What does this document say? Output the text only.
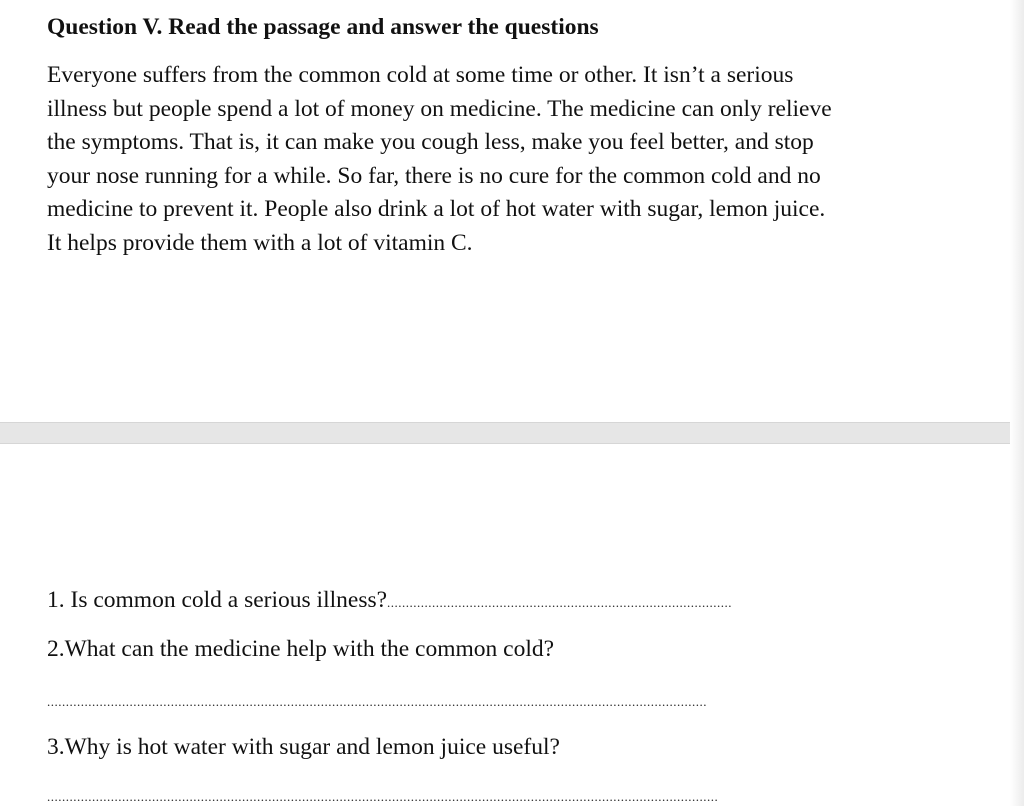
Question V. Read the passage and answer the questions

Everyone suffers from the common cold at some time or other. It isn’t a serious
illness but people spend a lot of money on medicine. The medicine can only relieve
the symptoms. That is, it can make you cough less, make you feel better, and stop
your nose running for a while. So far, there is no cure for the common cold and no
medicine to prevent it. People also drink a lot of hot water with sugar, lemon juice.
It helps provide them with a lot of vitamin C.

1. Is common cold a serious illness?............................................................................................

2.What can the medicine help with the common cold?

................................................................................................................................................................................

3.Why is hot water with sugar and lemon juice useful?

...................................................................................................................................................................................
